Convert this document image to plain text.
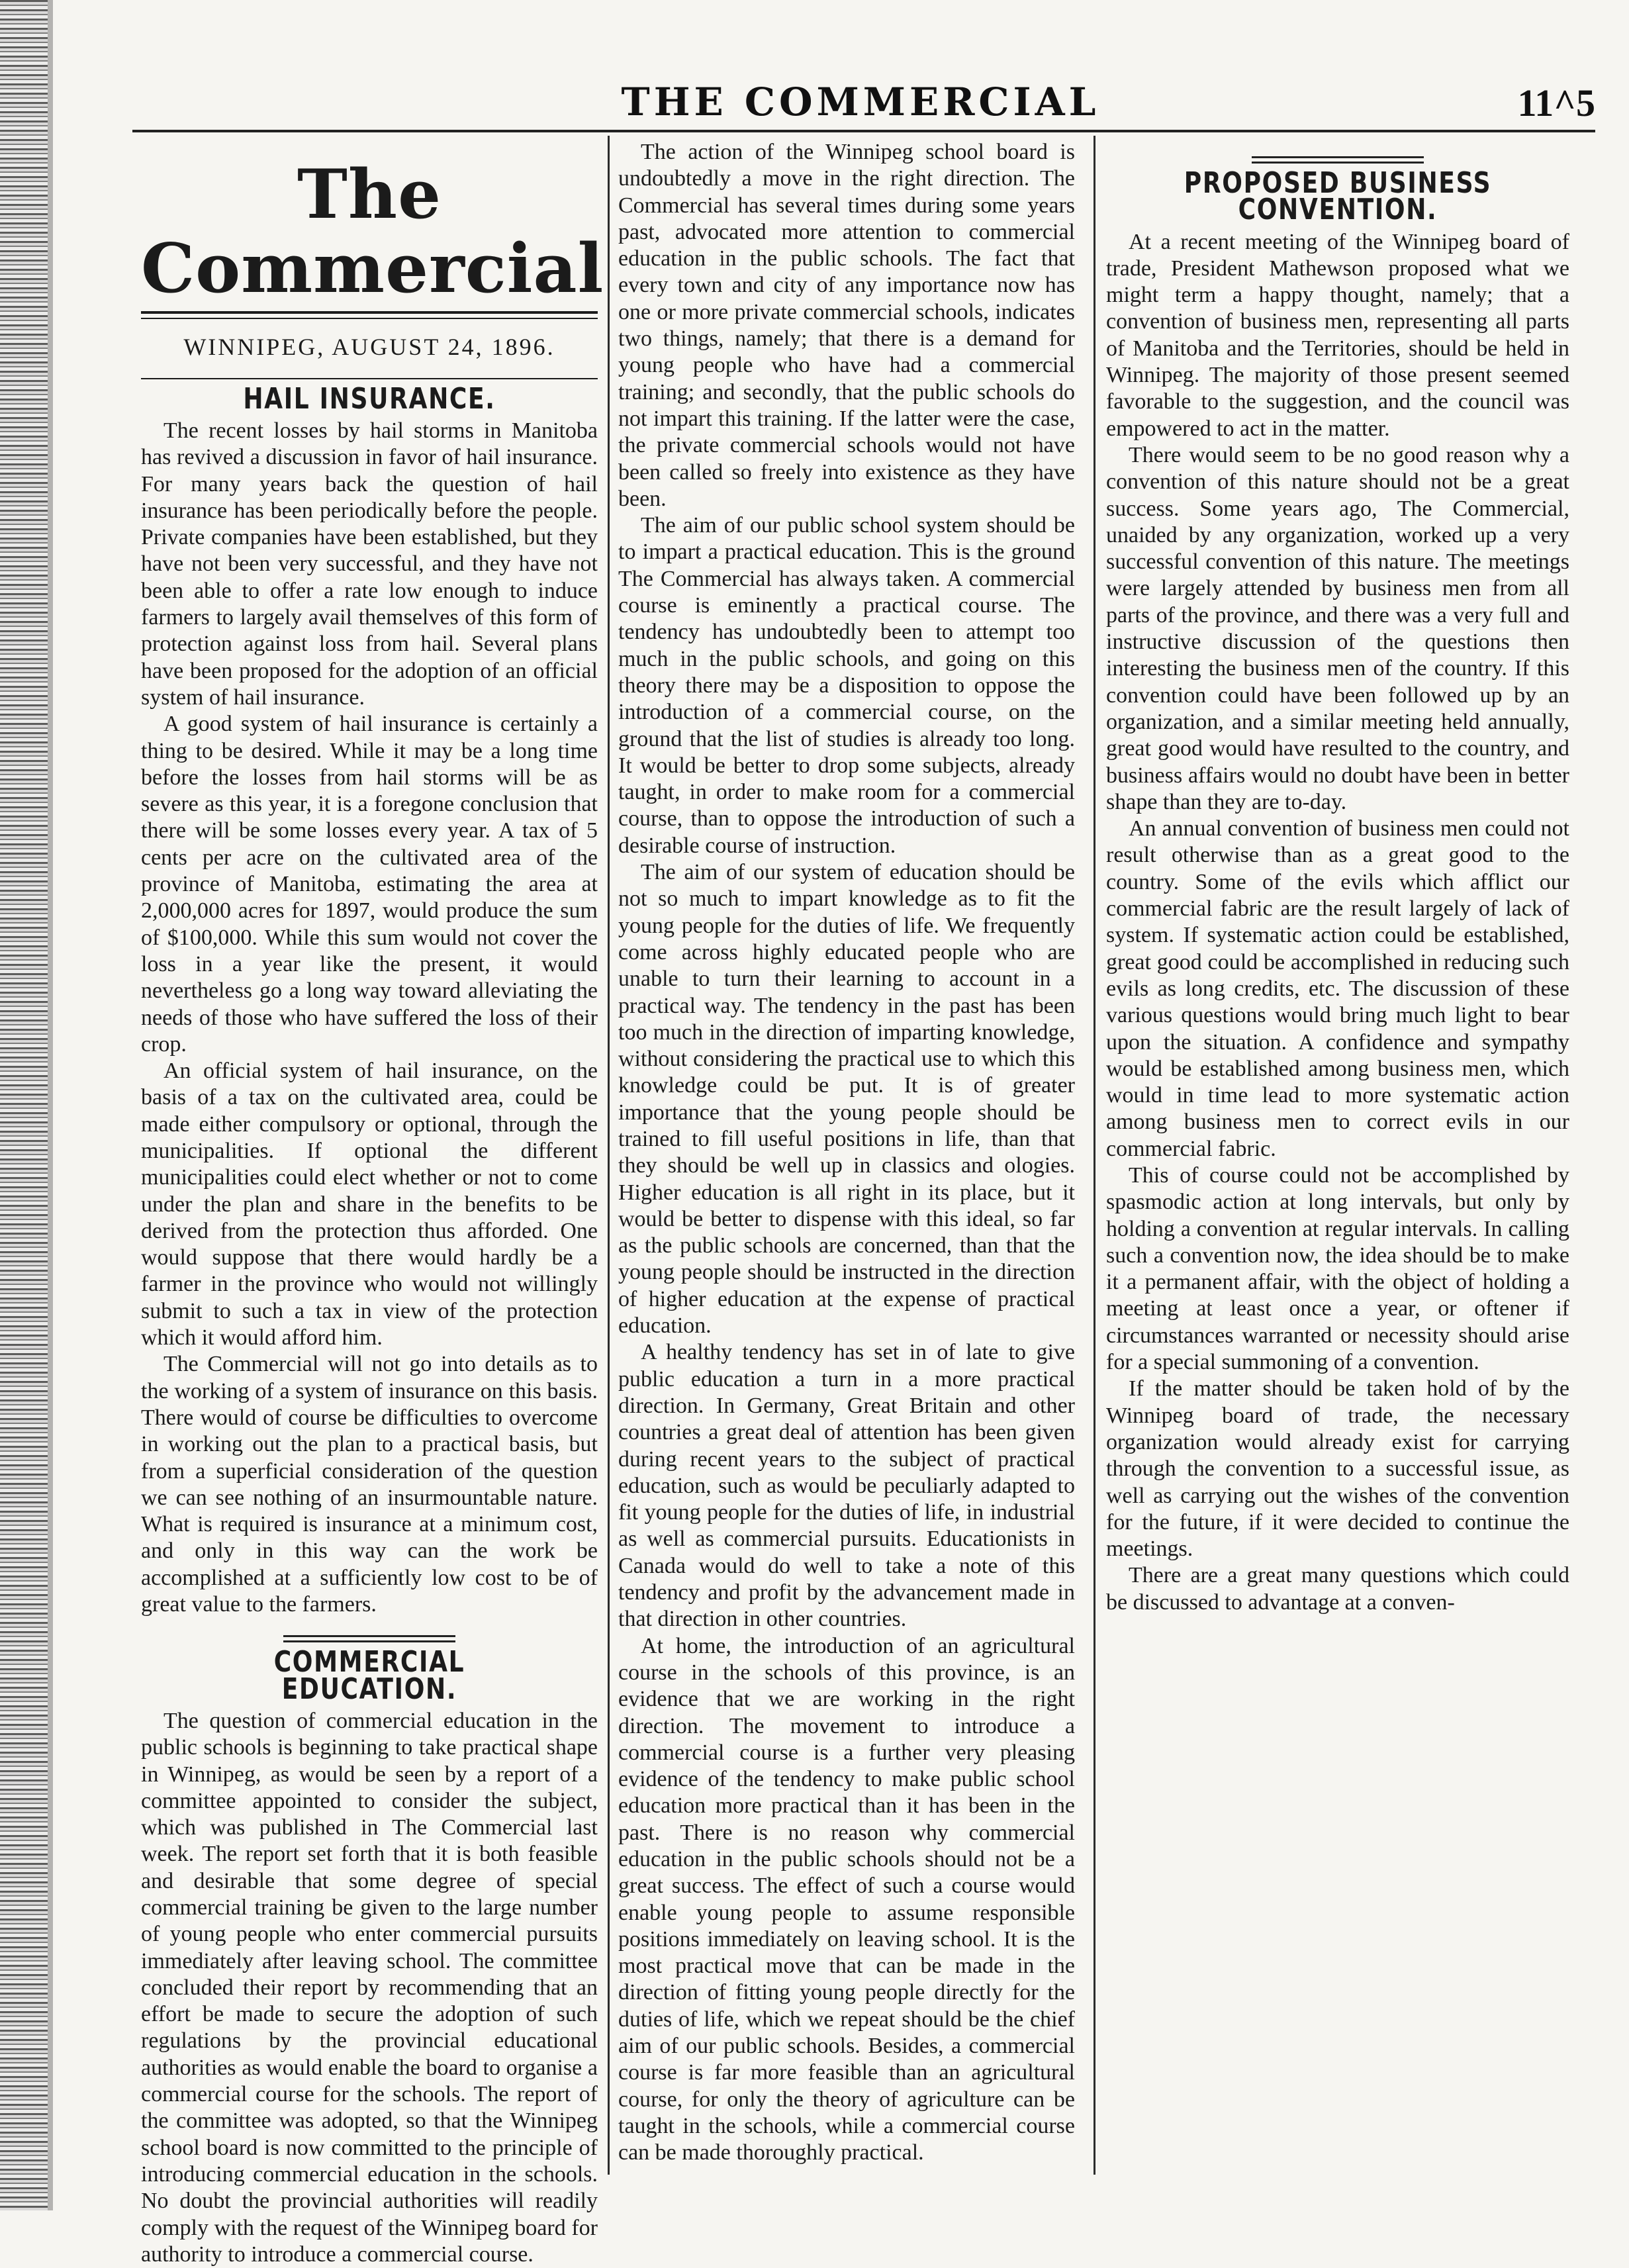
THE COMMERCIAL	11^5
The Commercial
WINNIPEG, AUGUST 24, 1896.
HAIL INSURANCE.

The recent losses by hail storms in Manitoba has revived a discussion in favor of hail insurance. For many years back the question of hail insurance has been periodically before the people. Private companies have been established, but they have not been very successful, and they have not been able to offer a rate low enough to induce farmers to largely avail themselves of this form of protection against loss from hail. Several plans have been proposed for the adoption of an official system of hail insurance.

A good system of hail insurance is certainly a thing to be desired. While it may be a long time before the losses from hail storms will be as severe as this year, it is a foregone conclusion that there will be some losses every year. A tax of 5 cents per acre on the cultivated area of the province of Manitoba, estimating the area at 2,000,000 acres for 1897, would produce the sum of $100,000. While this sum would not cover the loss in a year like the present, it would nevertheless go a long way toward alleviating the needs of those who have suffered the loss of their crop.

An official system of hail insurance, on the basis of a tax on the cultivated area, could be made either compulsory or optional, through the municipalities. If optional the different municipalities could elect whether or not to come under the plan and share in the benefits to be derived from the protection thus afforded. One would suppose that there would hardly be a farmer in the province who would not willingly submit to such a tax in view of the protection which it would afford him.

The Commercial will not go into details as to the working of a system of insurance on this basis. There would of course be difficulties to overcome in working out the plan to a practical basis, but from a superficial consideration of the question we can see nothing of an insurmountable nature. What is required is insurance at a minimum cost, and only in this way can the work be accomplished at a sufficiently low cost to be of great value to the farmers.

COMMERCIAL EDUCATION.

The question of commercial education in the public schools is beginning to take practical shape in Winnipeg, as would be seen by a report of a committee appointed to consider the subject, which was published in The Commercial last week. The report set forth that it is both feasible and desirable that some degree of special commercial training be given to the large number of young people who enter commercial pursuits immediately after leaving school. The committee concluded their report by recommending that an effort be made to secure the adoption of such regulations by the provincial educational authorities as would enable the board to organise a commercial course for the schools. The report of the committee was adopted, so that the Winnipeg school board is now committed to the principle of introducing commercial education in the schools. No doubt the provincial authorities will readily comply with the request of the Winnipeg board for authority to introduce a commercial course.

The action of the Winnipeg school board is undoubtedly a move in the right direction. The Commercial has several times during some years past, advocated more attention to commercial education in the public schools. The fact that every town and city of any importance now has one or more private commercial schools, indicates two things, namely; that there is a demand for young people who have had a commercial training; and secondly, that the public schools do not impart this training. If the latter were the case, the private commercial schools would not have been called so freely into existence as they have been.

The aim of our public school system should be to impart a practical education. This is the ground The Commercial has always taken. A commercial course is eminently a practical course. The tendency has undoubtedly been to attempt too much in the public schools, and going on this theory there may be a disposition to oppose the introduction of a commercial course, on the ground that the list of studies is already too long. It would be better to drop some subjects, already taught, in order to make room for a commercial course, than to oppose the introduction of such a desirable course of instruction.

The aim of our system of education should be not so much to impart knowledge as to fit the young people for the duties of life. We frequently come across highly educated people who are unable to turn their learning to account in a practical way. The tendency in the past has been too much in the direction of imparting knowledge, without considering the practical use to which this knowledge could be put. It is of greater importance that the young people should be trained to fill useful positions in life, than that they should be well up in classics and ologies. Higher education is all right in its place, but it would be better to dispense with this ideal, so far as the public schools are concerned, than that the young people should be instructed in the direction of higher education at the expense of practical education.

A healthy tendency has set in of late to give public education a turn in a more practical direction. In Germany, Great Britain and other countries a great deal of attention has been given during recent years to the subject of practical education, such as would be peculiarly adapted to fit young people for the duties of life, in industrial as well as commercial pursuits. Educationists in Canada would do well to take a note of this tendency and profit by the advancement made in that direction in other countries.

At home, the introduction of an agricultural course in the schools of this province, is an evidence that we are working in the right direction. The movement to introduce a commercial course is a further very pleasing evidence of the tendency to make public school education more practical than it has been in the past. There is no reason why commercial education in the public schools should not be a great success. The effect of such a course would enable young people to assume responsible positions immediately on leaving school. It is the most practical move that can be made in the direction of fitting young people directly for the duties of life, which we repeat should be the chief aim of our public schools. Besides, a commercial course is far more feasible than an agricultural course, for only the theory of agriculture can be taught in the schools, while a commercial course can be made thoroughly practical.

PROPOSED BUSINESS CONVENTION.

At a recent meeting of the Winnipeg board of trade, President Mathewson proposed what we might term a happy thought, namely; that a convention of business men, representing all parts of Manitoba and the Territories, should be held in Winnipeg. The majority of those present seemed favorable to the suggestion, and the council was empowered to act in the matter.

There would seem to be no good reason why a convention of this nature should not be a great success. Some years ago, The Commercial, unaided by any organization, worked up a very successful convention of this nature. The meetings were largely attended by business men from all parts of the province, and there was a very full and instructive discussion of the questions then interesting the business men of the country. If this convention could have been followed up by an organization, and a similar meeting held annually, great good would have resulted to the country, and business affairs would no doubt have been in better shape than they are to-day.

An annual convention of business men could not result otherwise than as a great good to the country. Some of the evils which afflict our commercial fabric are the result largely of lack of system. If systematic action could be established, great good could be accomplished in reducing such evils as long credits, etc. The discussion of these various questions would bring much light to bear upon the situation. A confidence and sympathy would be established among business men, which would in time lead to more systematic action among business men to correct evils in our commercial fabric.

This of course could not be accomplished by spasmodic action at long intervals, but only by holding a convention at regular intervals. In calling such a convention now, the idea should be to make it a permanent affair, with the object of holding a meeting at least once a year, or oftener if circumstances warranted or necessity should arise for a special summoning of a convention.

If the matter should be taken hold of by the Winnipeg board of trade, the necessary organization would already exist for carrying through the convention to a successful issue, as well as carrying out the wishes of the convention for the future, if it were decided to continue the meetings.

There are a great many questions which could be discussed to advantage at a conven-
